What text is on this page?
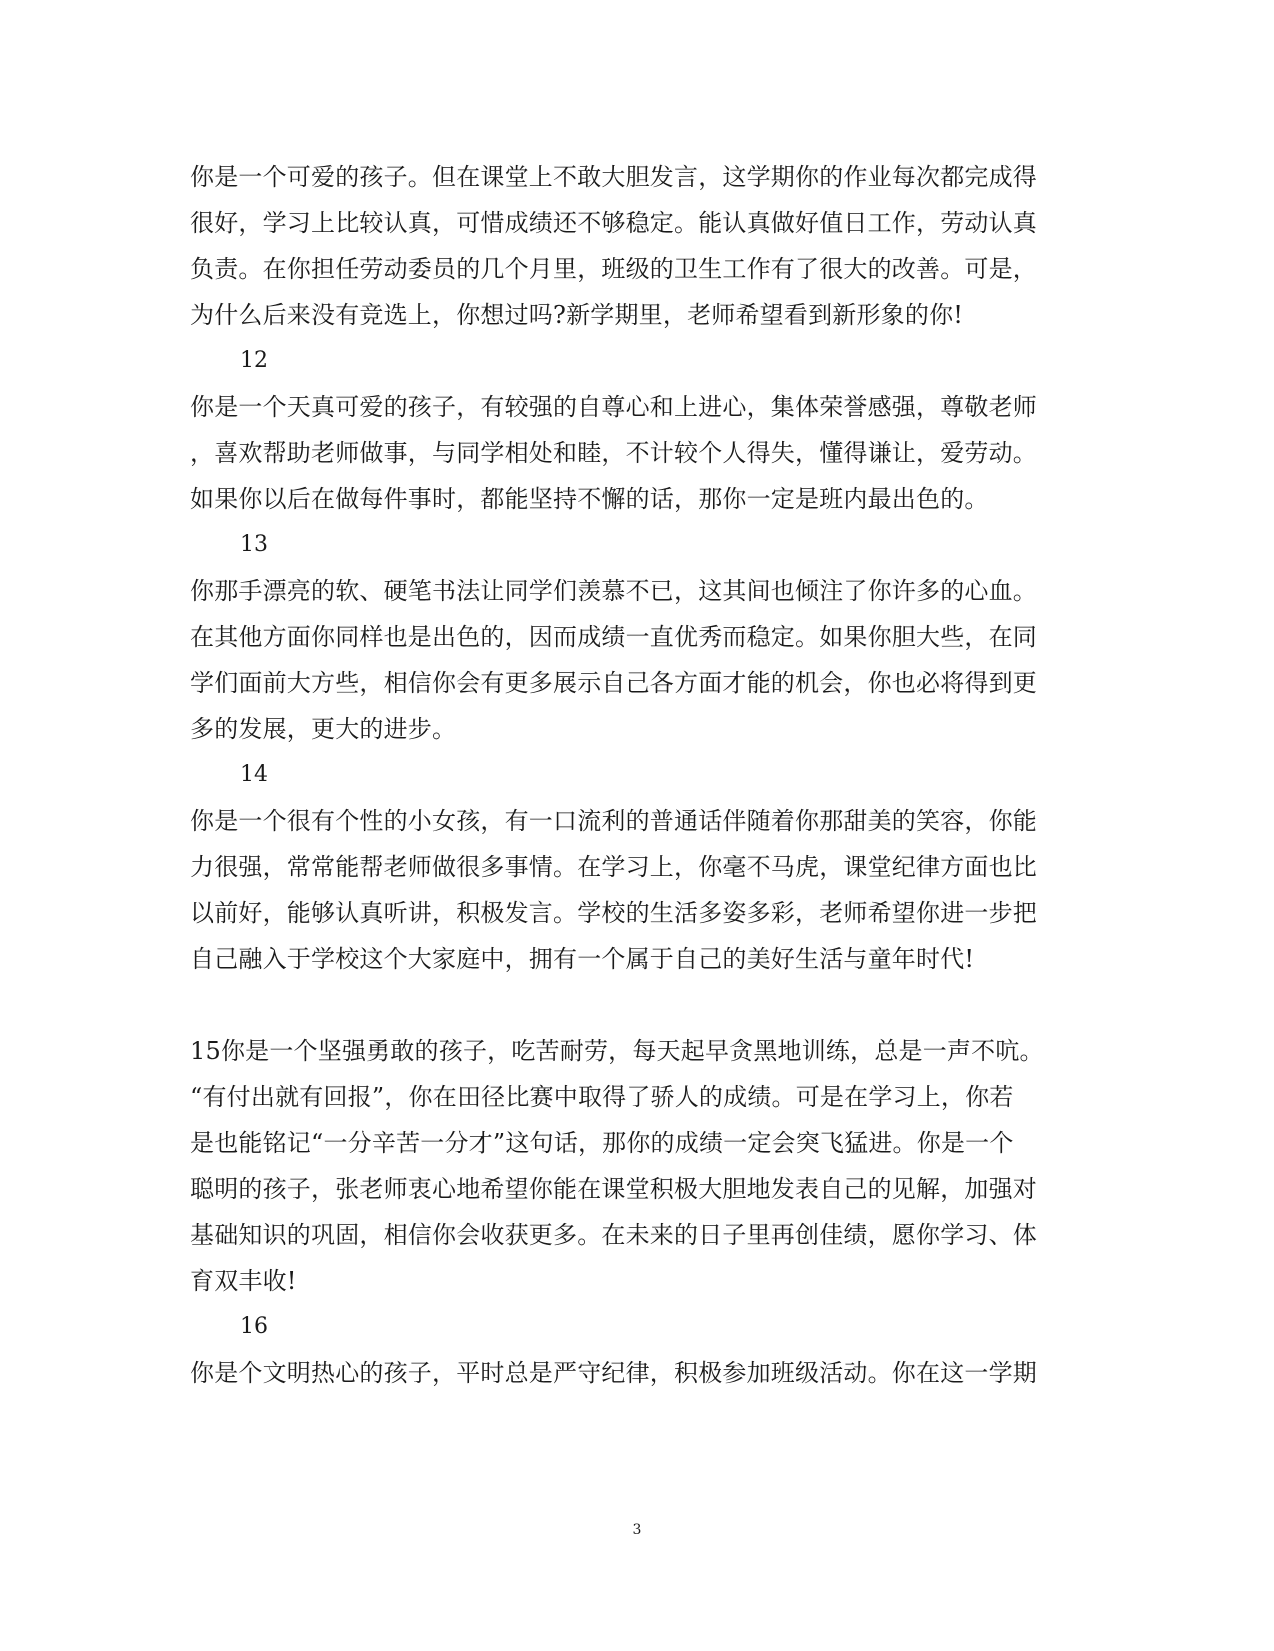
你是一个可爱的孩子。但在课堂上不敢大胆发言，这学期你的作业每次都完成得
很好，学习上比较认真，可惜成绩还不够稳定。能认真做好值日工作，劳动认真
负责。在你担任劳动委员的几个月里，班级的卫生工作有了很大的改善。可是，
为什么后来没有竞选上，你想过吗?新学期里，老师希望看到新形象的你!
12
你是一个天真可爱的孩子，有较强的自尊心和上进心，集体荣誉感强，尊敬老师
，喜欢帮助老师做事，与同学相处和睦，不计较个人得失，懂得谦让，爱劳动。
如果你以后在做每件事时，都能坚持不懈的话，那你一定是班内最出色的。
13
你那手漂亮的软、硬笔书法让同学们羡慕不已，这其间也倾注了你许多的心血。
在其他方面你同样也是出色的，因而成绩一直优秀而稳定。如果你胆大些，在同
学们面前大方些，相信你会有更多展示自己各方面才能的机会，你也必将得到更
多的发展，更大的进步。
14
你是一个很有个性的小女孩，有一口流利的普通话伴随着你那甜美的笑容，你能
力很强，常常能帮老师做很多事情。在学习上，你毫不马虎，课堂纪律方面也比
以前好，能够认真听讲，积极发言。学校的生活多姿多彩，老师希望你进一步把
自己融入于学校这个大家庭中，拥有一个属于自己的美好生活与童年时代!
15你是一个坚强勇敢的孩子，吃苦耐劳，每天起早贪黑地训练，总是一声不吭。
“有付出就有回报”，你在田径比赛中取得了骄人的成绩。可是在学习上，你若
是也能铭记“一分辛苦一分才”这句话，那你的成绩一定会突飞猛进。你是一个
聪明的孩子，张老师衷心地希望你能在课堂积极大胆地发表自己的见解，加强对
基础知识的巩固，相信你会收获更多。在未来的日子里再创佳绩，愿你学习、体
育双丰收!
16
你是个文明热心的孩子，平时总是严守纪律，积极参加班级活动。你在这一学期
3
